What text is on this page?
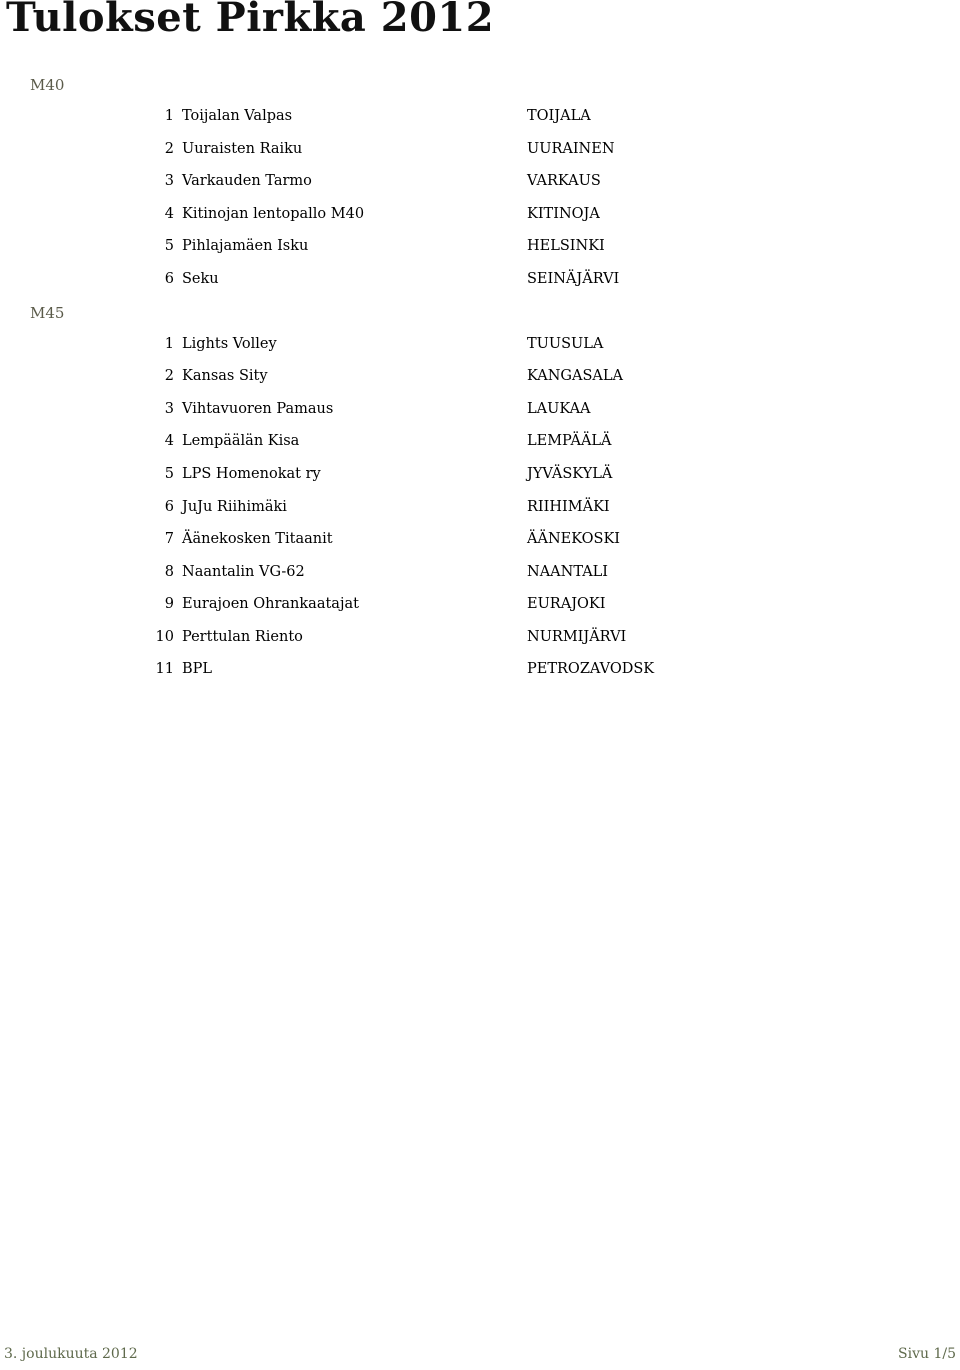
Tulokset Pirkka 2012
M40
1 Toijalan Valpas	TOIJALA
2 Uuraisten Raiku	UURAINEN
3 Varkauden Tarmo	VARKAUS
4 Kitinojan lentopallo M40	KITINOJA
5 Pihlajamäen Isku	HELSINKI
6 Seku	SEINÄJÄRVI
M45
1 Lights Volley	TUUSULA
2 Kansas Sity	KANGASALA
3 Vihtavuoren Pamaus	LAUKAA
4 Lempäälän Kisa	LEMPÄÄLÄ
5 LPS Homenokat ry	JYVÄSKYLÄ
6 JuJu Riihimäki	RIIHIMÄKI
7 Äänekosken Titaanit	ÄÄNEKOSKI
8 Naantalin VG-62	NAANTALI
9 Eurajoen Ohrankaatajat	EURAJOKI
10 Perttulan Riento	NURMIJÄRVI
11 BPL	PETROZAVODSK
3. joulukuuta 2012	Sivu 1/5
